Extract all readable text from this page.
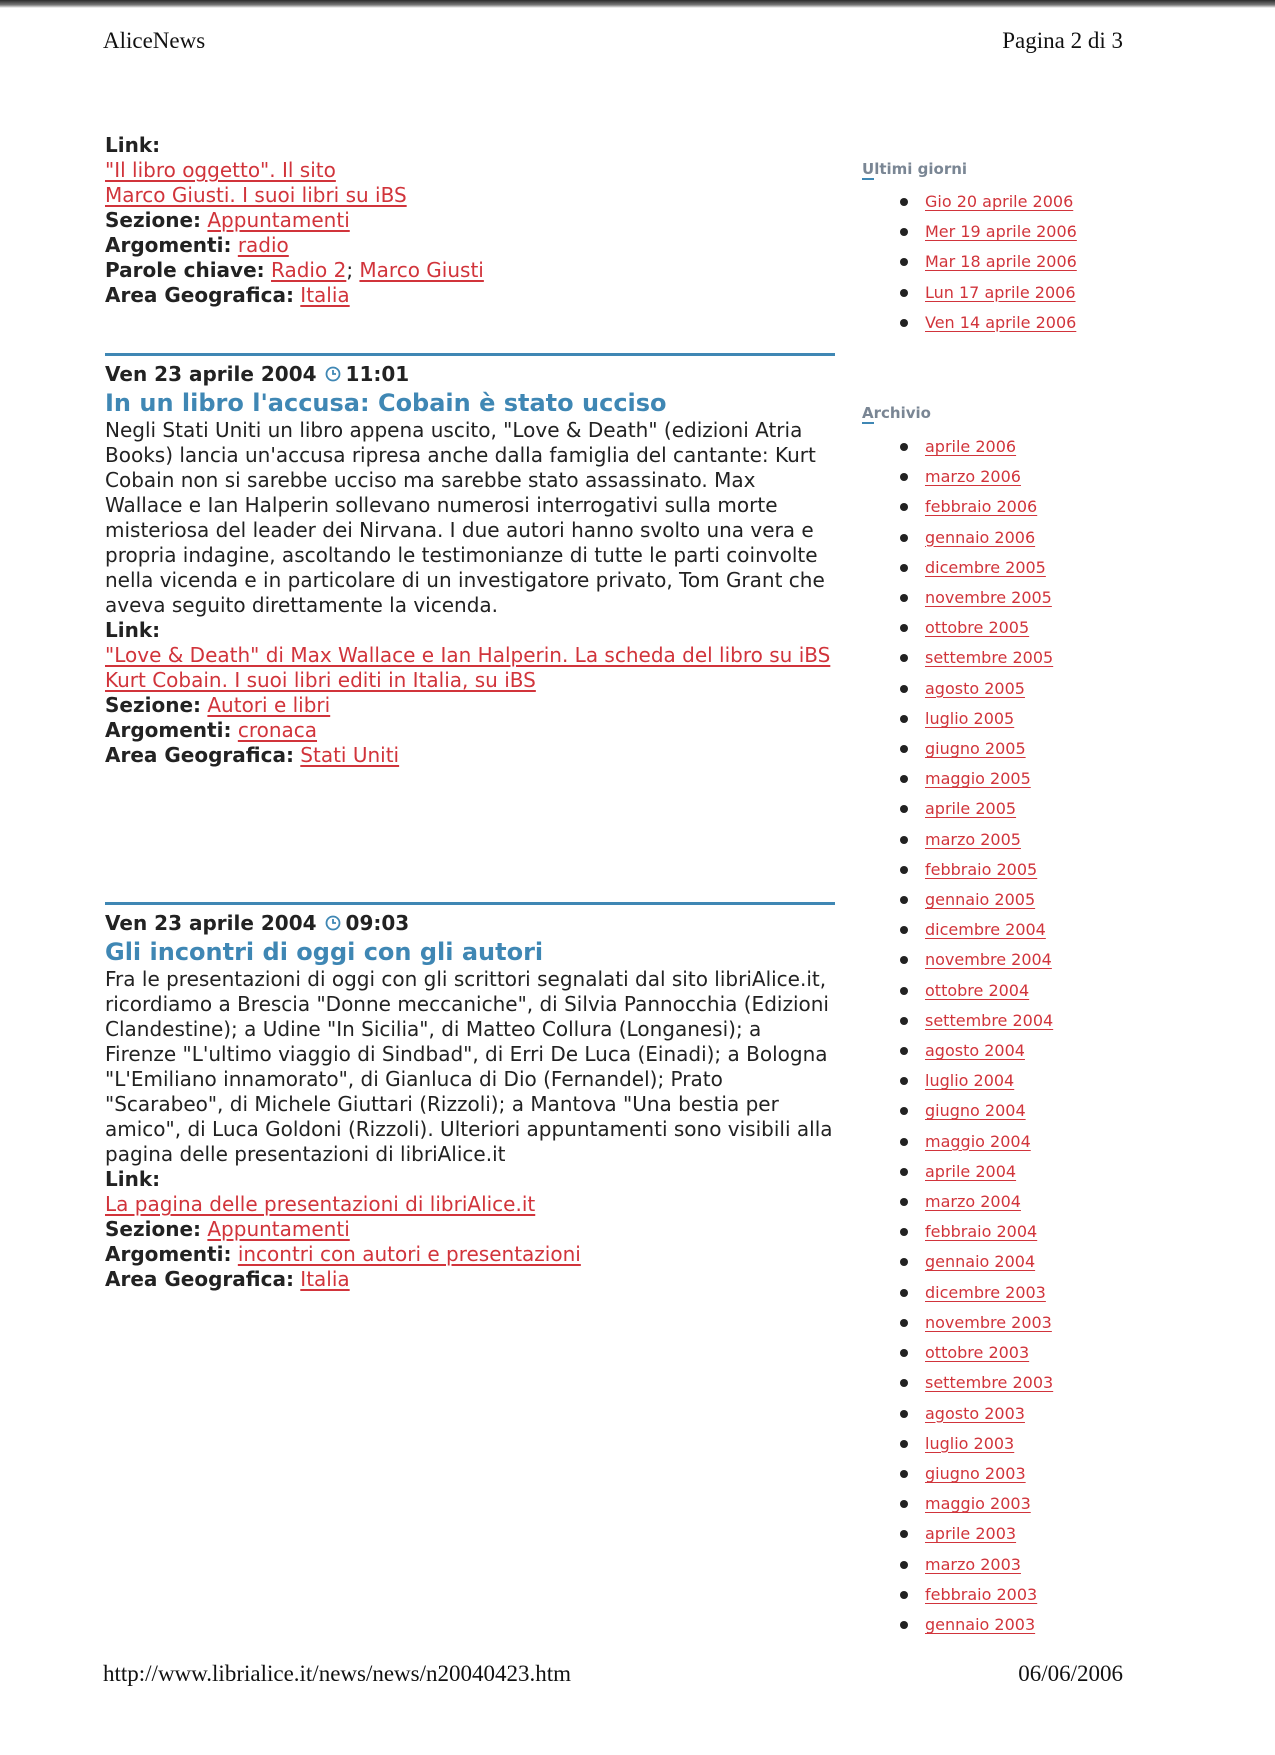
AliceNews	Pagina 2 di 3
Link:
"Il libro oggetto". Il sito
Marco Giusti. I suoi libri su iBS
Sezione: Appuntamenti
Argomenti: radio
Parole chiave: Radio 2; Marco Giusti
Area Geografica: Italia
Ven 23 aprile 2004 11:01
In un libro l'accusa: Cobain è stato ucciso
Negli Stati Uniti un libro appena uscito, "Love & Death" (edizioni Atria Books) lancia un'accusa ripresa anche dalla famiglia del cantante: Kurt Cobain non si sarebbe ucciso ma sarebbe stato assassinato. Max Wallace e Ian Halperin sollevano numerosi interrogativi sulla morte misteriosa del leader dei Nirvana. I due autori hanno svolto una vera e propria indagine, ascoltando le testimonianze di tutte le parti coinvolte nella vicenda e in particolare di un investigatore privato, Tom Grant che aveva seguito direttamente la vicenda.
Link:
"Love & Death" di Max Wallace e Ian Halperin. La scheda del libro su iBS
Kurt Cobain. I suoi libri editi in Italia, su iBS
Sezione: Autori e libri
Argomenti: cronaca
Area Geografica: Stati Uniti
Ven 23 aprile 2004 09:03
Gli incontri di oggi con gli autori
Fra le presentazioni di oggi con gli scrittori segnalati dal sito libriAlice.it, ricordiamo a Brescia "Donne meccaniche", di Silvia Pannocchia (Edizioni Clandestine); a Udine "In Sicilia", di Matteo Collura (Longanesi); a Firenze "L'ultimo viaggio di Sindbad", di Erri De Luca (Einadi); a Bologna "L'Emiliano innamorato", di Gianluca di Dio (Fernandel); Prato "Scarabeo", di Michele Giuttari (Rizzoli); a Mantova "Una bestia per amico", di Luca Goldoni (Rizzoli). Ulteriori appuntamenti sono visibili alla pagina delle presentazioni di libriAlice.it
Link:
La pagina delle presentazioni di libriAlice.it
Sezione: Appuntamenti
Argomenti: incontri con autori e presentazioni
Area Geografica: Italia
Ultimi giorni
Gio 20 aprile 2006
Mer 19 aprile 2006
Mar 18 aprile 2006
Lun 17 aprile 2006
Ven 14 aprile 2006
Archivio
aprile 2006
marzo 2006
febbraio 2006
gennaio 2006
dicembre 2005
novembre 2005
ottobre 2005
settembre 2005
agosto 2005
luglio 2005
giugno 2005
maggio 2005
aprile 2005
marzo 2005
febbraio 2005
gennaio 2005
dicembre 2004
novembre 2004
ottobre 2004
settembre 2004
agosto 2004
luglio 2004
giugno 2004
maggio 2004
aprile 2004
marzo 2004
febbraio 2004
gennaio 2004
dicembre 2003
novembre 2003
ottobre 2003
settembre 2003
agosto 2003
luglio 2003
giugno 2003
maggio 2003
aprile 2003
marzo 2003
febbraio 2003
gennaio 2003
http://www.librialice.it/news/news/n20040423.htm	06/06/2006
